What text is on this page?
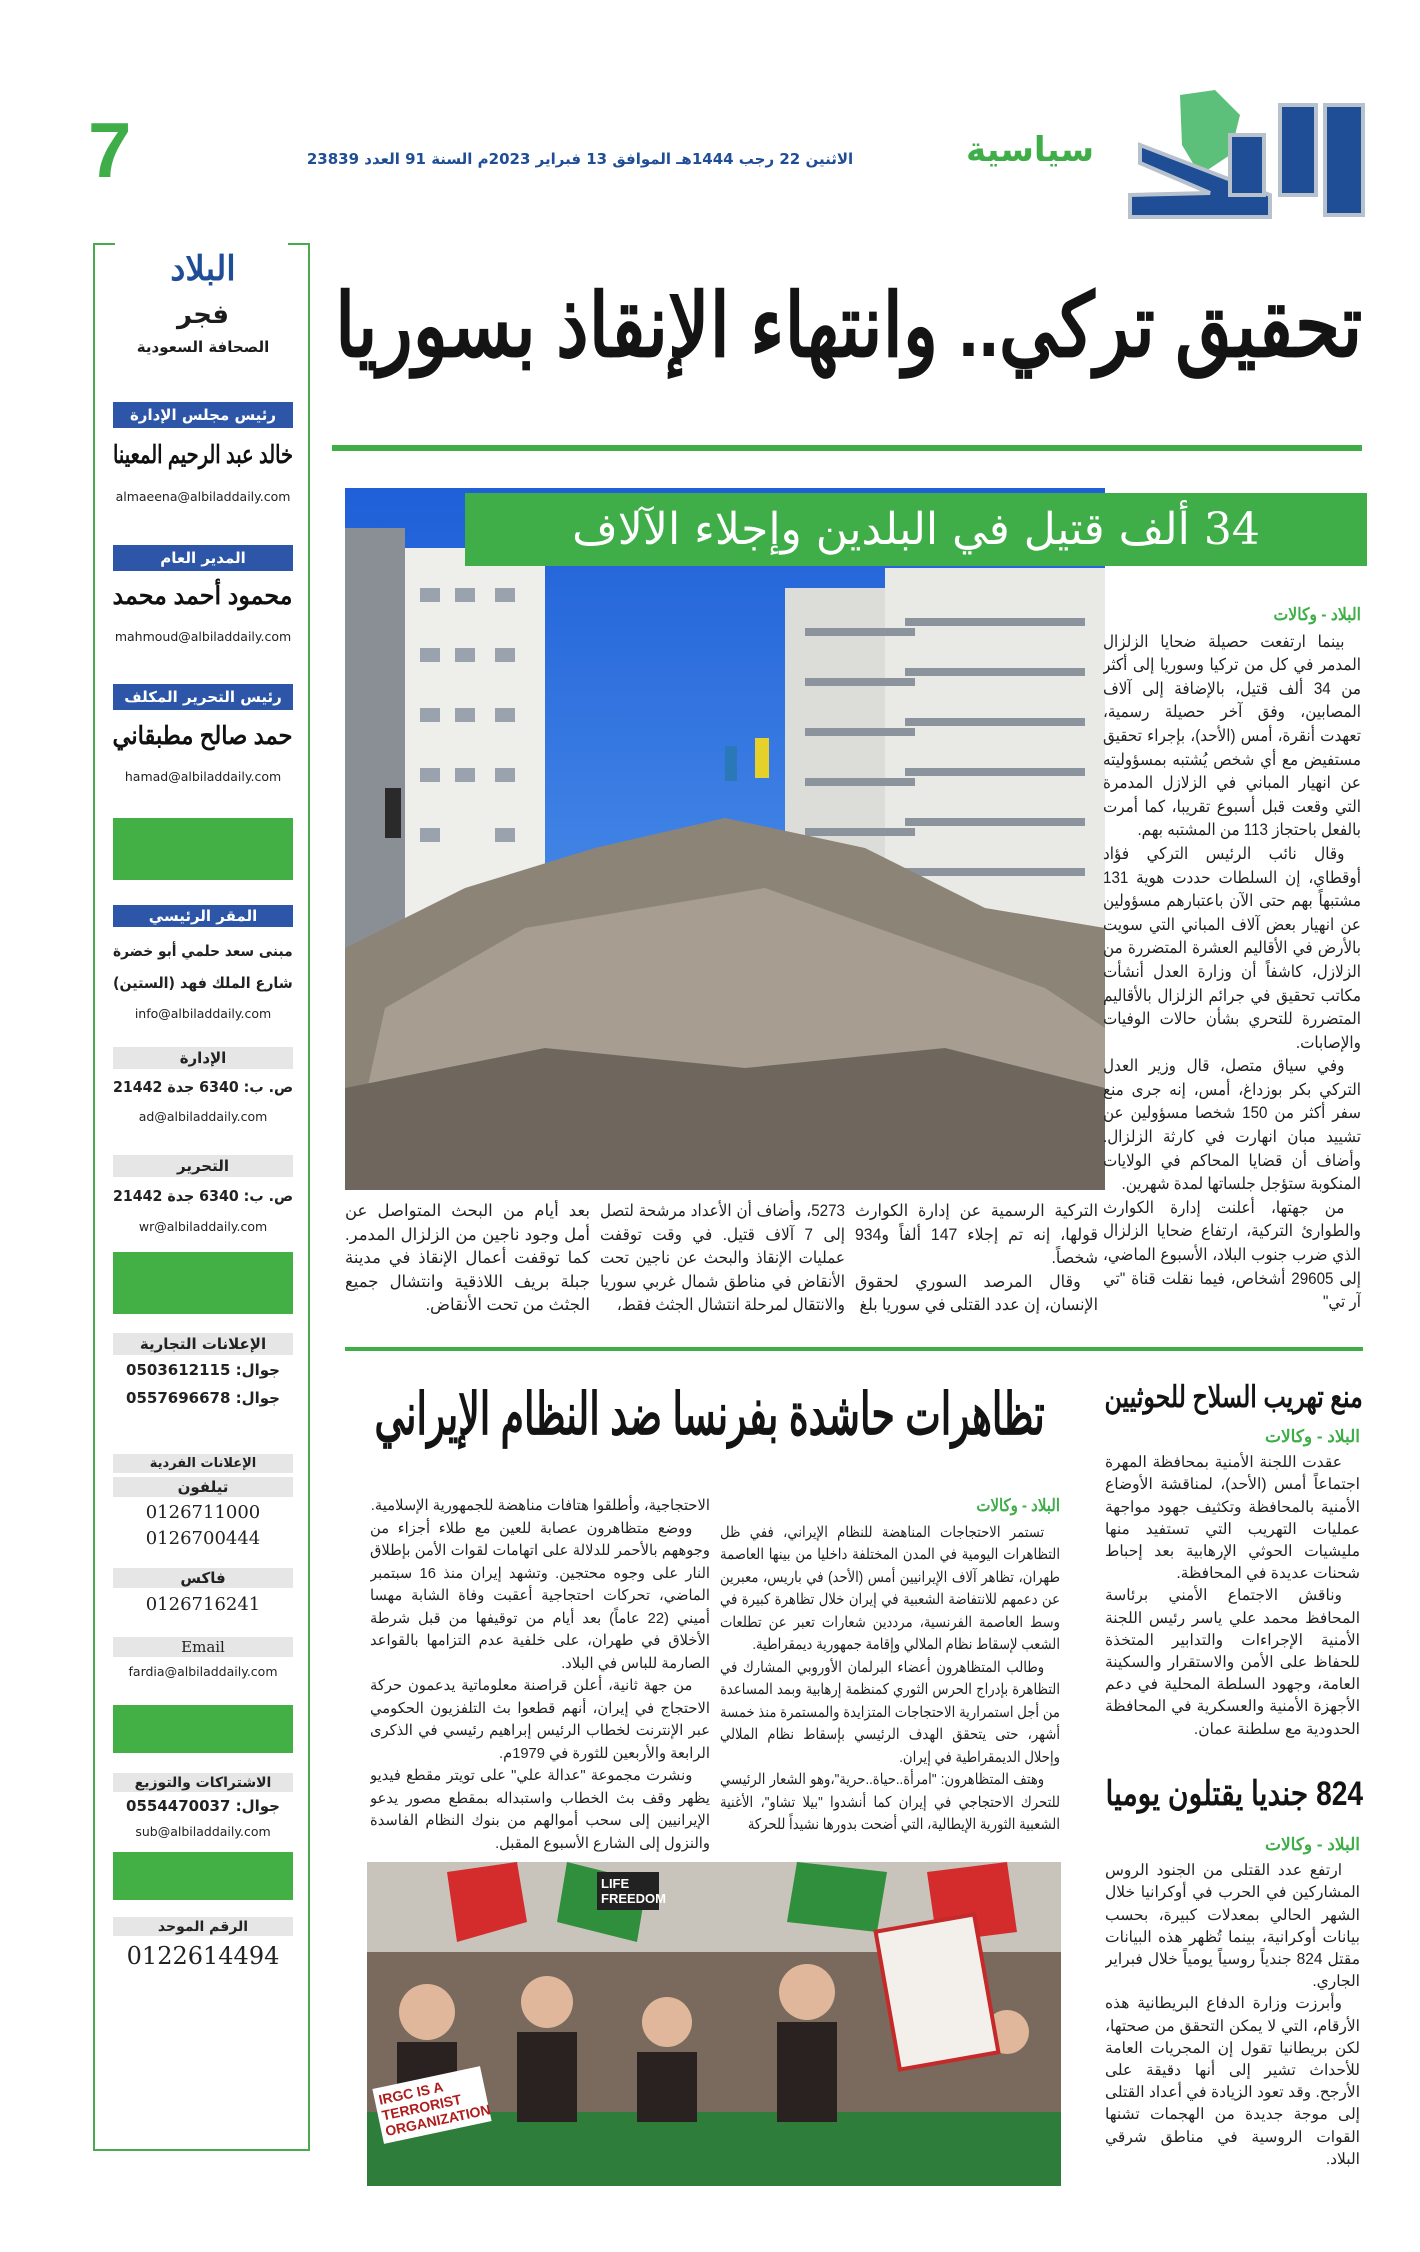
سياسية
الاثنين 22 رجب 1444هـ الموافق 13 فبراير 2023م السنة 91 العدد 23839
7
تحقيق تركي.. وانتهاء الإنقاذ بسوريا
34 ألف قتيل في البلدين وإجلاء الآلاف
البلاد - وكالات

بينما ارتفعت حصيلة ضحايا الزلزال المدمر في كل من تركيا وسوريا إلى أكثر من 34 ألف قتيل، بالإضافة إلى آلاف المصابين، وفق آخر حصيلة رسمية، تعهدت أنقرة، أمس (الأحد)، بإجراء تحقيق مستفيض مع أي شخص يُشتبه بمسؤوليته عن انهيار المباني في الزلازل المدمرة التي وقعت قبل أسبوع تقريبا، كما أمرت بالفعل باحتجاز 113 من المشتبه بهم.

وقال نائب الرئيس التركي فؤاد أوقطاي، إن السلطات حددت هوية 131 مشتبهاً بهم حتى الآن باعتبارهم مسؤولين عن انهيار بعض آلاف المباني التي سويت بالأرض في الأقاليم العشرة المتضررة من الزلازل، كاشفاً أن وزارة العدل أنشأت مكاتب تحقيق في جرائم الزلزال بالأقاليم المتضررة للتحري بشأن حالات الوفيات والإصابات.

وفي سياق متصل، قال وزير العدل التركي بكر بوزداغ، أمس، إنه جرى منع سفر أكثر من 150 شخصا مسؤولين عن تشييد مبان انهارت في كارثة الزلزال. وأضاف أن قضايا المحاكم في الولايات المنكوبة ستؤجل جلساتها لمدة شهرين.

من جهتها، أعلنت إدارة الكوارث والطوارئ التركية، ارتفاع ضحايا الزلزال الذي ضرب جنوب البلاد، الأسبوع الماضي، إلى 29605 أشخاص، فيما نقلت قناة "تي آر تي"

التركية الرسمية عن إدارة الكوارث قولها، إنه تم إجلاء 147 ألفاً و934 شخصاً.

وقال المرصد السوري لحقوق الإنسان، إن عدد القتلى في سوريا بلغ

5273، وأضاف أن الأعداد مرشحة لتصل إلى 7 آلاف قتيل. في وقت توقفت عمليات الإنقاذ والبحث عن ناجين تحت الأنقاض في مناطق شمال غربي سوريا والانتقال لمرحلة انتشال الجثث فقط،

بعد أيام من البحث المتواصل عن أمل وجود ناجين من الزلزال المدمر. كما توقفت أعمال الإنقاذ في مدينة جبلة بريف اللاذقية وانتشال جميع الجثث من تحت الأنقاض.

تظاهرات حاشدة بفرنسا ضد النظام الإيراني
البلاد - وكالات

تستمر الاحتجاجات المناهضة للنظام الإيراني، ففي ظل التظاهرات اليومية في المدن المختلفة داخليا من بينها العاصمة طهران، تظاهر آلاف الإيرانيين أمس (الأحد) في باريس، معبرين عن دعمهم للانتفاضة الشعبية في إيران خلال تظاهرة كبيرة في وسط العاصمة الفرنسية، مرددين شعارات تعبر عن تطلعات الشعب لإسقاط نظام الملالي وإقامة جمهورية ديمقراطية.

وطالب المتظاهرون أعضاء البرلمان الأوروبي المشارك في التظاهرة بإدراج الحرس الثوري كمنظمة إرهابية وبمد المساعدة من أجل استمرارية الاحتجاجات المتزايدة والمستمرة منذ خمسة أشهر، حتى يتحقق الهدف الرئيسي بإسقاط نظام الملالي وإحلال الديمقراطية في إيران.

وهتف المتظاهرون: "امرأة..حياة..حرية"،وهو الشعار الرئيسي للتحرك الاحتجاجي في إيران كما أنشدوا "بيلا تشاو"، الأغنية الشعبية الثورية الإيطالية، التي أضحت بدورها نشيداً للحركة

الاحتجاجية، وأطلقوا هتافات مناهضة للجمهورية الإسلامية.

ووضع متظاهرون عصابة للعين مع طلاء أجزاء من وجوههم بالأحمر للدلالة على اتهامات لقوات الأمن بإطلاق النار على وجوه محتجين. وتشهد إيران منذ 16 سبتمبر الماضي، تحركات احتجاجية أعقبت وفاة الشابة مهسا أميني (22 عاماً) بعد أيام من توقيفها من قبل شرطة الأخلاق في طهران، على خلفية عدم التزامها بالقواعد الصارمة للباس في البلاد.

من جهة ثانية، أعلن قراصنة معلوماتية يدعمون حركة الاحتجاج في إيران، أنهم قطعوا بث التلفزيون الحكومي عبر الإنترنت لخطاب الرئيس إبراهيم رئيسي في الذكرى الرابعة والأربعين للثورة في 1979م.

ونشرت مجموعة "عدالة علي" على تويتر مقطع فيديو يظهر وقف بث الخطاب واستبداله بمقطع مصور يدعو الإيرانيين إلى سحب أموالهم من بنوك النظام الفاسدة والنزول إلى الشارع الأسبوع المقبل.

IRGC IS A TERRORIST ORGANIZATION
LIFE FREEDOM
منع تهريب السلاح للحوثيين
البلاد - وكالات

عقدت اللجنة الأمنية بمحافظة المهرة اجتماعاً أمس (الأحد)، لمناقشة الأوضاع الأمنية بالمحافظة وتكثيف جهود مواجهة عمليات التهريب التي تستفيد منها مليشيات الحوثي الإرهابية بعد إحباط شحنات عديدة في المحافظة.

وناقش الاجتماع الأمني برئاسة المحافظ محمد علي ياسر رئيس اللجنة الأمنية الإجراءات والتدابير المتخذة للحفاظ على الأمن والاستقرار والسكينة العامة، وجهود السلطة المحلية في دعم الأجهزة الأمنية والعسكرية في المحافظة الحدودية مع سلطنة عمان.

824 جنديا يقتلون يوميا
البلاد - وكالات

ارتفع عدد القتلى من الجنود الروس المشاركين في الحرب في أوكرانيا خلال الشهر الحالي بمعدلات كبيرة، بحسب بيانات أوكرانية، بينما تُظهر هذه البيانات مقتل 824 جندياً روسياً يومياً خلال فبراير الجاري.

وأبرزت وزارة الدفاع البريطانية هذه الأرقام، التي لا يمكن التحقق من صحتها، لكن بريطانيا تقول إن المجريات العامة للأحداث تشير إلى أنها دقيقة على الأرجح. وقد تعود الزيادة في أعداد القتلى إلى موجة جديدة من الهجمات تشنها القوات الروسية في مناطق شرقي البلاد.

البلاد
فجر
الصحافة السعودية
رئيس مجلس الإدارة
خالد عبد الرحيم المعينا
almaeena@albiladdaily.com
المدير العام
محمود أحمد محمد
mahmoud@albiladdaily.com
رئيس التحرير المكلف
حمد صالح مطبقاني
hamad@albiladdaily.com
المقر الرئيسي
مبنى سعد حلمي أبو خضرة
شارع الملك فهد (الستين)
info@albiladdaily.com
الإدارة
ص. ب: 6340 جدة 21442
ad@albiladdaily.com
التحرير
ص. ب: 6340 جدة 21442
wr@albiladdaily.com
الإعلانات التجارية
جوال: 0503612115
جوال: 0557696678
الإعلانات الفردية
تيلفون
0126711000
0126700444
فاكس
0126716241
Email
fardia@albiladdaily.com
الاشتراكات والتوزيع
جوال: 0554470037
sub@albiladdaily.com
الرقم الموحد
0122614494
